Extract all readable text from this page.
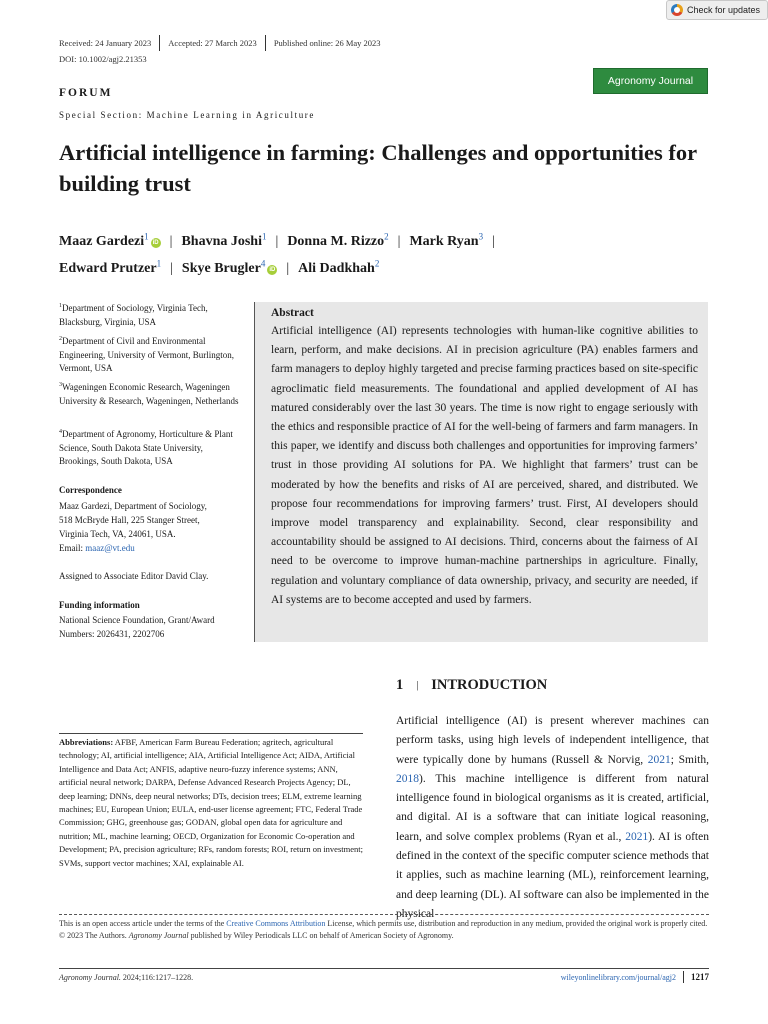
Check for updates
Received: 24 January 2023 Accepted: 27 March 2023 Published online: 26 May 2023
DOI: 10.1002/agj2.21353
Agronomy Journal
FORUM
Special Section: Machine Learning in Agriculture
Artificial intelligence in farming: Challenges and opportunities for building trust
Maaz Gardezi$^1$iD | Bhavna Joshi$^1$ | Donna M. Rizzo$^2$ | Mark Ryan$^3$ |
Edward Prutzer$^1$ | Skye Brugler$^4$iD | Ali Dadkhah$^2$
$^1$Department of Sociology, Virginia Tech, Blacksburg, Virginia, USA
$^2$Department of Civil and Environmental Engineering, University of Vermont, Burlington, Vermont, USA
$^3$Wageningen Economic Research, Wageningen University & Research, Wageningen, Netherlands
$^4$Department of Agronomy, Horticulture & Plant Science, South Dakota State University, Brookings, South Dakota, USA
Correspondence
Maaz Gardezi, Department of Sociology,
518 McBryde Hall, 225 Stanger Street,
Virginia Tech, VA, 24061, USA.
Email: maaz@vt.edu
Assigned to Associate Editor David Clay.
Funding information
National Science Foundation, Grant/Award Numbers: 2026431, 2202706
Abstract

Artificial intelligence (AI) represents technologies with human-like cognitive abilities to learn, perform, and make decisions. AI in precision agriculture (PA) enables farmers and farm managers to deploy highly targeted and precise farming practices based on site-specific agroclimatic field measurements. The foundational and applied development of AI has matured considerably over the last 30 years. The time is now right to engage seriously with the ethics and responsible practice of AI for the well-being of farmers and farm managers. In this paper, we identify and discuss both challenges and opportunities for improving farmers’ trust in those providing AI solutions for PA. We highlight that farmers’ trust can be moderated by how the benefits and risks of AI are perceived, shared, and distributed. We propose four recommendations for improving farmers’ trust. First, AI developers should improve model transparency and explainability. Second, clear responsibility and accountability should be assigned to AI decisions. Third, concerns about the fairness of AI need to be overcome to improve human-machine partnerships in agriculture. Finally, regulation and voluntary compliance of data ownership, privacy, and security are needed, if AI systems are to become accepted and used by farmers.

1 | INTRODUCTION
Artificial intelligence (AI) is present wherever machines can perform tasks, using high levels of independent intelligence, that were typically done by humans (Russell & Norvig, 2021; Smith, 2018). This machine intelligence is different from natural intelligence found in biological organisms as it is created, artificial, and digital. AI is a software that can initiate logical reasoning, learn, and solve complex problems (Ryan et al., 2021). AI is often defined in the context of the specific computer science methods that it applies, such as machine learning (ML), reinforcement learning, and deep learning (DL). AI software can also be implemented in the physical
Abbreviations: AFBF, American Farm Bureau Federation; agritech, agricultural technology; AI, artificial intelligence; AIA, Artificial Intelligence Act; AIDA, Artificial Intelligence and Data Act; ANFIS, adaptive neuro-fuzzy inference systems; ANN, artificial neural network; DARPA, Defense Advanced Research Projects Agency; DL, deep learning; DNNs, deep neural networks; DTs, decision trees; ELM, extreme learning machines; EU, European Union; EULA, end-user license agreement; FTC, Federal Trade Commission; GHG, greenhouse gas; GODAN, global open data for agriculture and nutrition; ML, machine learning; OECD, Organization for Economic Co-operation and Development; PA, precision agriculture; RFs, random forests; ROI, return on investment; SVMs, support vector machines; XAI, explainable AI.
This is an open access article under the terms of the Creative Commons Attribution License, which permits use, distribution and reproduction in any medium, provided the original work is properly cited.
© 2023 The Authors. Agronomy Journal published by Wiley Periodicals LLC on behalf of American Society of Agronomy.
Agronomy Journal. 2024;116:1217–1228.	wileyonlinelibrary.com/journal/agj2 1217
